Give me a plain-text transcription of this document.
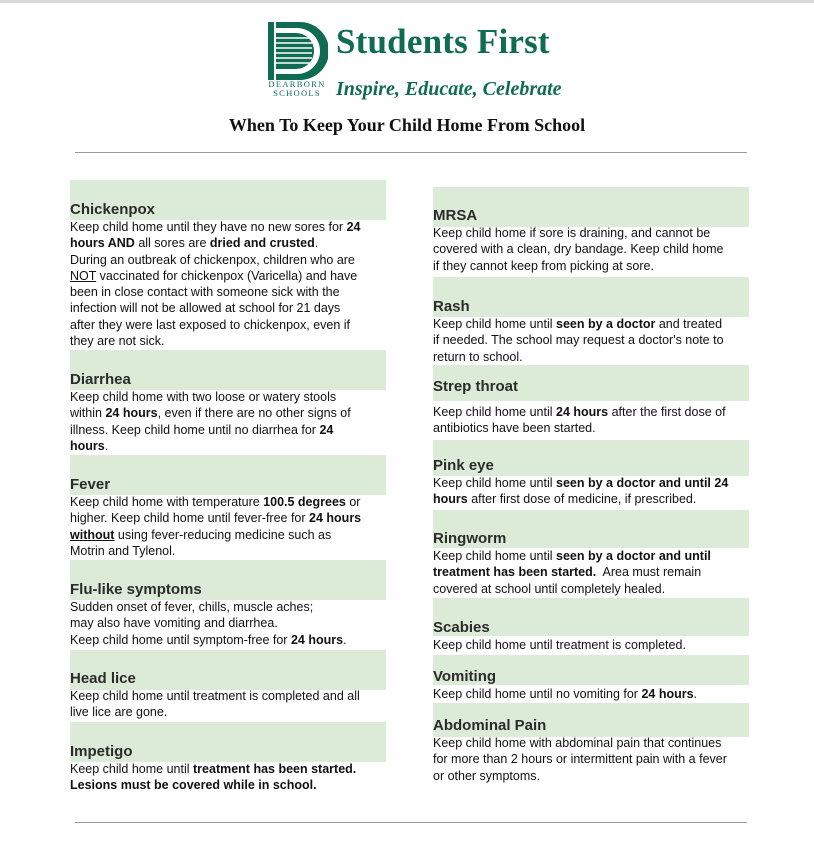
Students First
DEARBORN
SCHOOLS Inspire, Educate, Celebrate
When To Keep Your Child Home From School
Chickenpox
Keep child home until they have no new sores for 24
hours AND all sores are dried and crusted.
During an outbreak of chickenpox, children who are
NOT vaccinated for chickenpox (Varicella) and have
been in close contact with someone sick with the
infection will not be allowed at school for 21 days
after they were last exposed to chickenpox, even if
they are not sick.
Diarrhea
Keep child home with two loose or watery stools
within 24 hours, even if there are no other signs of
illness. Keep child home until no diarrhea for 24
hours.
Fever
Keep child home with temperature 100.5 degrees or
higher. Keep child home until fever-free for 24 hours
without using fever-reducing medicine such as
Motrin and Tylenol.
Flu-like symptoms
Sudden onset of fever, chills, muscle aches;
may also have vomiting and diarrhea.
Keep child home until symptom-free for 24 hours.
Head lice
Keep child home until treatment is completed and all
live lice are gone.
Impetigo
Keep child home until treatment has been started.
Lesions must be covered while in school.
MRSA
Keep child home if sore is draining, and cannot be
covered with a clean, dry bandage. Keep child home
if they cannot keep from picking at sore.
Rash
Keep child home until seen by a doctor and treated
if needed. The school may request a doctor's note to
return to school.
Strep throat
Keep child home until 24 hours after the first dose of
antibiotics have been started.
Pink eye
Keep child home until seen by a doctor and until 24
hours after first dose of medicine, if prescribed.
Ringworm
Keep child home until seen by a doctor and until
treatment has been started. Area must remain
covered at school until completely healed.
Scabies
Keep child home until treatment is completed.
Vomiting
Keep child home until no vomiting for 24 hours.
Abdominal Pain
Keep child home with abdominal pain that continues
for more than 2 hours or intermittent pain with a fever
or other symptoms.
